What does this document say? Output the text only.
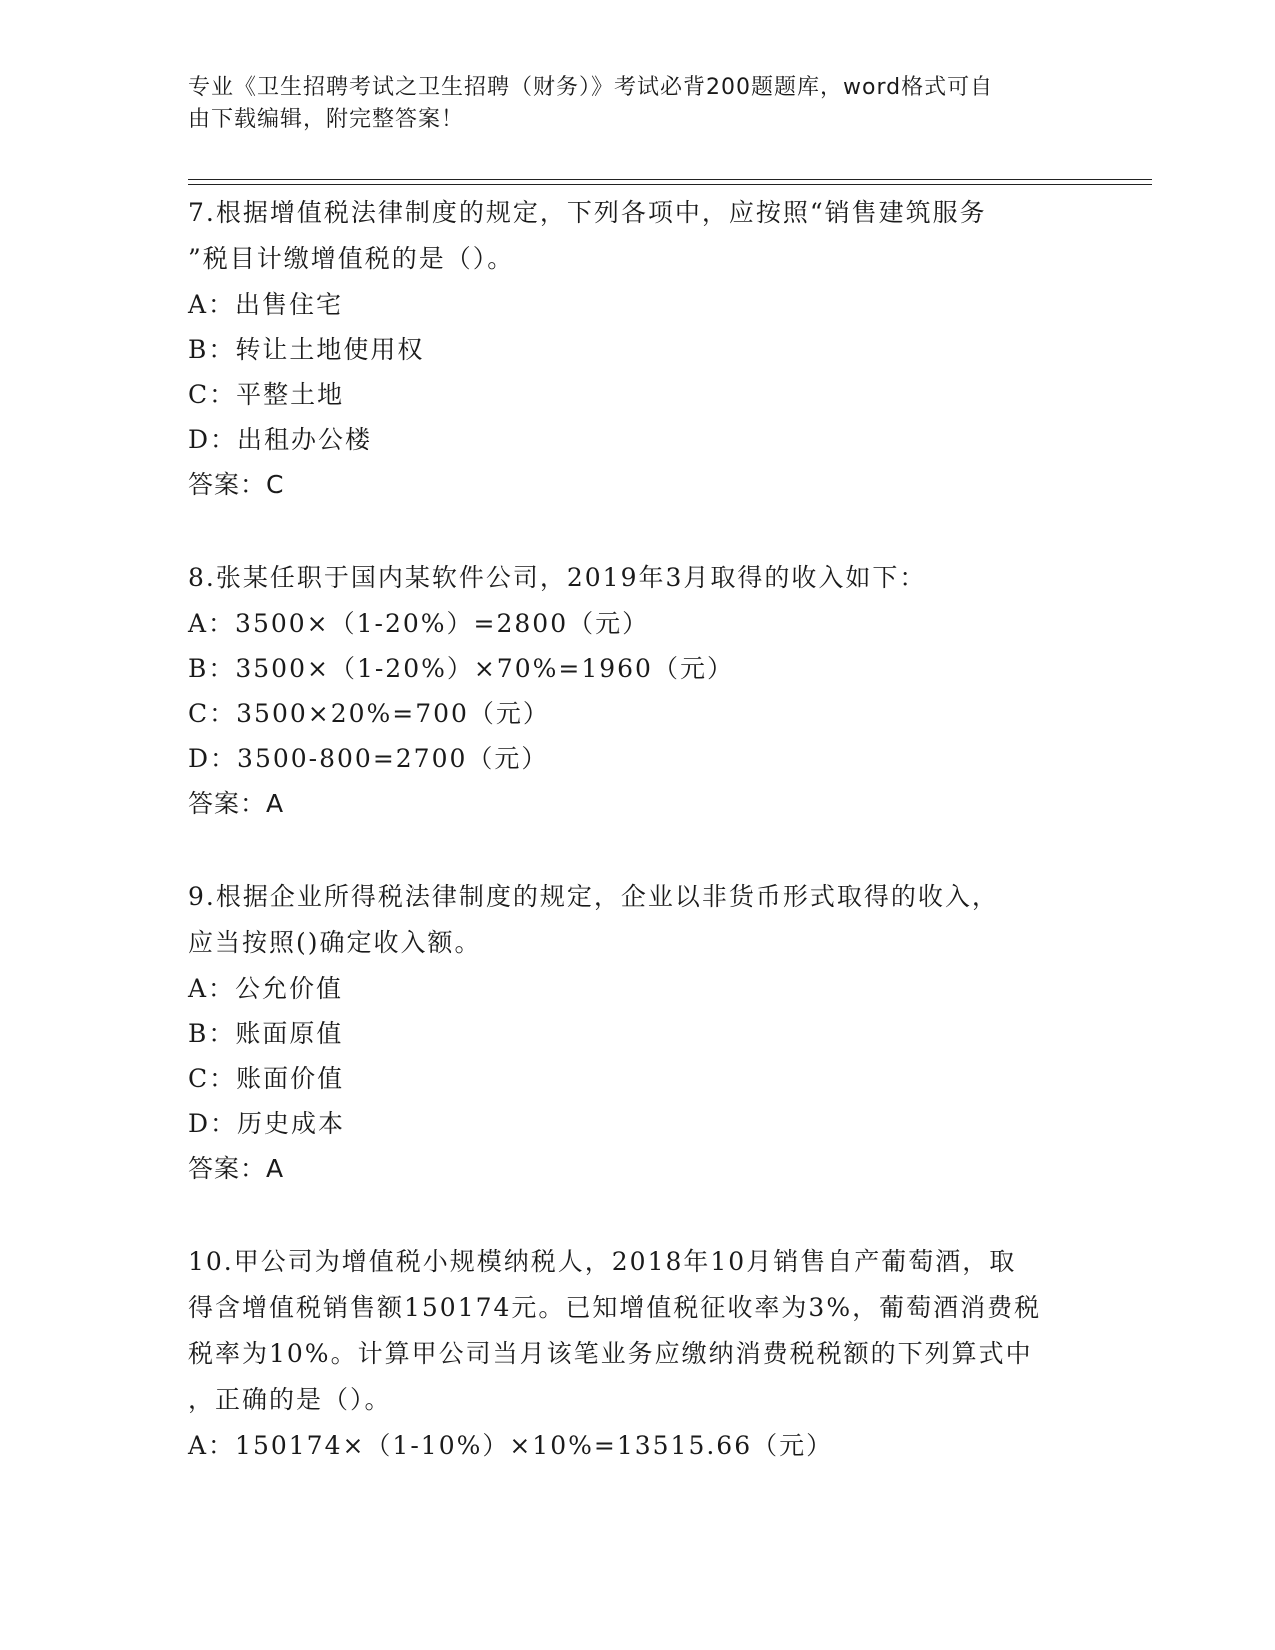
专业《卫生招聘考试之卫生招聘（财务）》考试必背200题题库，word格式可自
由下载编辑，附完整答案！
7.根据增值税法律制度的规定，下列各项中，应按照“销售建筑服务
”税目计缴增值税的是（）。
A：出售住宅
B：转让土地使用权
C：平整土地
D：出租办公楼
答案：C
8.张某任职于国内某软件公司，2019年3月取得的收入如下：
A：3500×（1-20%）=2800（元）
B：3500×（1-20%）×70%=1960（元）
C：3500×20%=700（元）
D：3500-800=2700（元）
答案：A
9.根据企业所得税法律制度的规定，企业以非货币形式取得的收入，
应当按照()确定收入额。
A：公允价值
B：账面原值
C：账面价值
D：历史成本
答案：A
10.甲公司为增值税小规模纳税人，2018年10月销售自产葡萄酒，取
得含增值税销售额150174元。已知增值税征收率为3%，葡萄酒消费税
税率为10%。计算甲公司当月该笔业务应缴纳消费税税额的下列算式中
，正确的是（）。
A：150174×（1-10%）×10%=13515.66（元）
